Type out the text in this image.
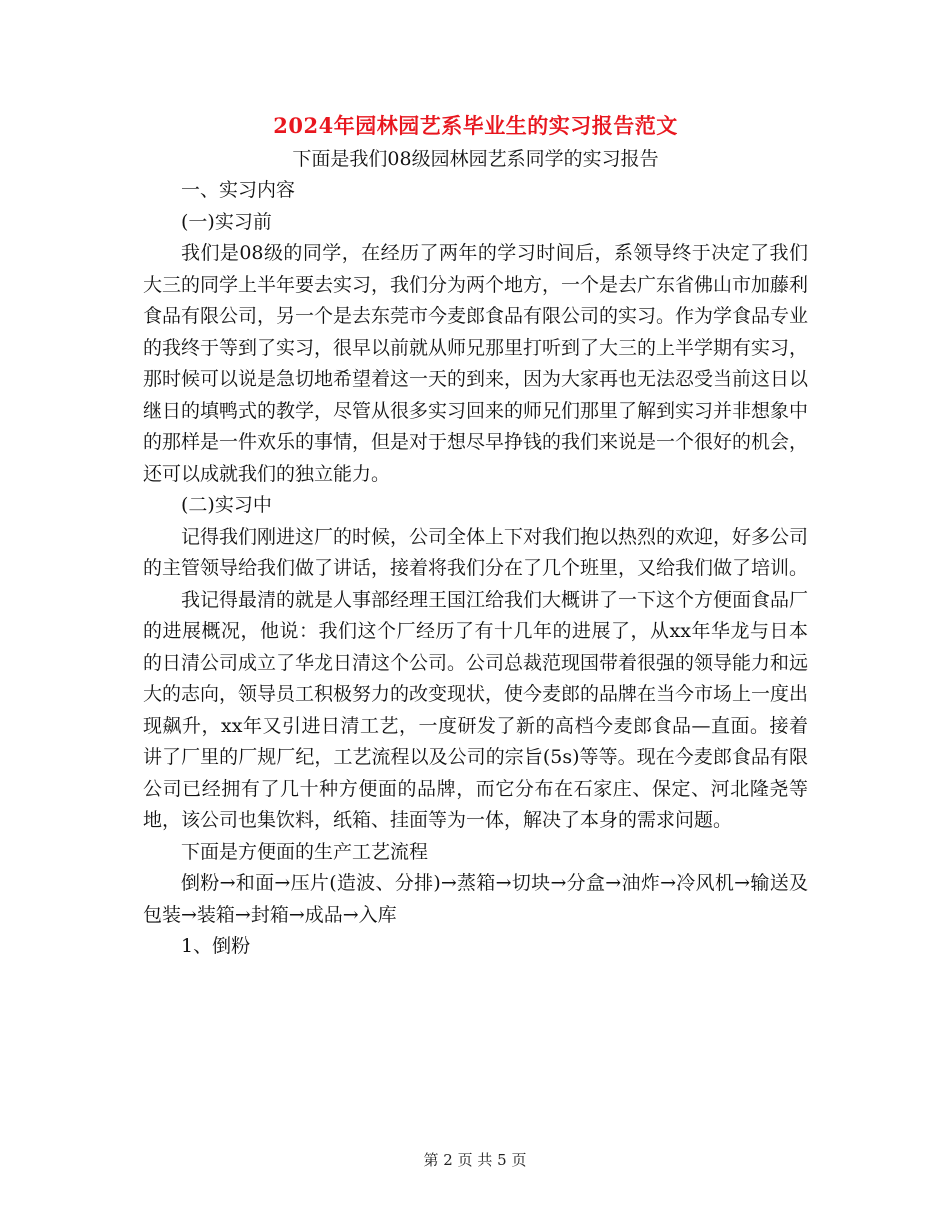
2024年园林园艺系毕业生的实习报告范文

下面是我们08级园林园艺系同学的实习报告

一、实习内容

(一)实习前

我们是08级的同学，在经历了两年的学习时间后，系领导终于决定了我们大三的同学上半年要去实习，我们分为两个地方，一个是去广东省佛山市加藤利食品有限公司，另一个是去东莞市今麦郎食品有限公司的实习。作为学食品专业的我终于等到了实习，很早以前就从师兄那里打听到了大三的上半学期有实习，那时候可以说是急切地希望着这一天的到来，因为大家再也无法忍受当前这日以继日的填鸭式的教学，尽管从很多实习回来的师兄们那里了解到实习并非想象中的那样是一件欢乐的事情，但是对于想尽早挣钱的我们来说是一个很好的机会，还可以成就我们的独立能力。

(二)实习中

记得我们刚进这厂的时候，公司全体上下对我们抱以热烈的欢迎，好多公司的主管领导给我们做了讲话，接着将我们分在了几个班里，又给我们做了培训。

我记得最清的就是人事部经理王国江给我们大概讲了一下这个方便面食品厂的进展概况，他说：我们这个厂经历了有十几年的进展了，从xx年华龙与日本的日清公司成立了华龙日清这个公司。公司总裁范现国带着很强的领导能力和远大的志向，领导员工积极努力的改变现状，使今麦郎的品牌在当今市场上一度出现飙升，xx年又引进日清工艺，一度研发了新的高档今麦郎食品—直面。接着讲了厂里的厂规厂纪，工艺流程以及公司的宗旨(5s)等等。现在今麦郎食品有限公司已经拥有了几十种方便面的品牌，而它分布在石家庄、保定、河北隆尧等地，该公司也集饮料，纸箱、挂面等为一体，解决了本身的需求问题。

下面是方便面的生产工艺流程

倒粉→和面→压片(造波、分排)→蒸箱→切块→分盒→油炸→冷风机→输送及包装→装箱→封箱→成品→入库

1、倒粉

第 2 页 共 5 页
